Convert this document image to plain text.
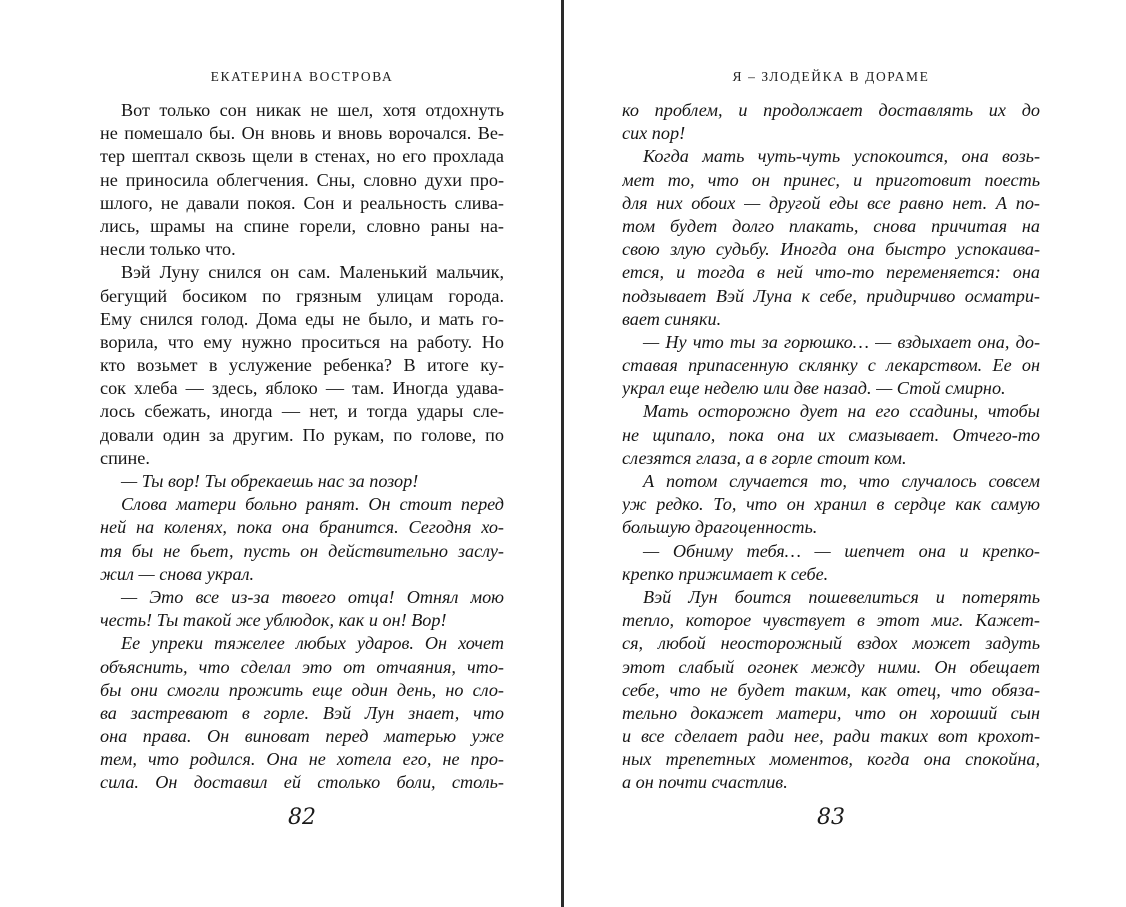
ЕКАТЕРИНА ВОСТРОВА
Вот только сон никак не шел, хотя отдохнуть
не помешало бы. Он вновь и вновь ворочался. Ве-
тер шептал сквозь щели в стенах, но его прохлада
не приносила облегчения. Сны, словно духи про-
шлого, не давали покоя. Сон и реальность слива-
лись, шрамы на спине горели, словно раны на-
несли только что.
Вэй Луну снился он сам. Маленький мальчик,
бегущий босиком по грязным улицам города.
Ему снился голод. Дома еды не было, и мать го-
ворила, что ему нужно проситься на работу. Но
кто возьмет в услужение ребенка? В итоге ку-
сок хлеба — здесь, яблоко — там. Иногда удава-
лось сбежать, иногда — нет, и тогда удары сле-
довали один за другим. По рукам, по голове, по
спине.
— Ты вор! Ты обрекаешь нас за позор!
Слова матери больно ранят. Он стоит перед
ней на коленях, пока она бранится. Сегодня хо-
тя бы не бьет, пусть он действительно заслу-
жил — снова украл.
— Это все из-за твоего отца! Отнял мою
честь! Ты такой же ублюдок, как и он! Вор!
Ее упреки тяжелее любых ударов. Он хочет
объяснить, что сделал это от отчаяния, что-
бы они смогли прожить еще один день, но сло-
ва застревают в горле. Вэй Лун знает, что
она права. Он виноват перед матерью уже
тем, что родился. Она не хотела его, не про-
сила. Он доставил ей столько боли, столь-
82
Я – ЗЛОДЕЙКА В ДОРАМЕ
ко проблем, и продолжает доставлять их до
сих пор!
Когда мать чуть-чуть успокоится, она возь-
мет то, что он принес, и приготовит поесть
для них обоих — другой еды все равно нет. А по-
том будет долго плакать, снова причитая на
свою злую судьбу. Иногда она быстро успокаива-
ется, и тогда в ней что-то переменяется: она
подзывает Вэй Луна к себе, придирчиво осматри-
вает синяки.
— Ну что ты за горюшко… — вздыхает она, до-
ставая припасенную склянку с лекарством. Ее он
украл еще неделю или две назад. — Стой смирно.
Мать осторожно дует на его ссадины, чтобы
не щипало, пока она их смазывает. Отчего-то
слезятся глаза, а в горле стоит ком.
А потом случается то, что случалось совсем
уж редко. То, что он хранил в сердце как самую
большую драгоценность.
— Обниму тебя… — шепчет она и крепко-
крепко прижимает к себе.
Вэй Лун боится пошевелиться и потерять
тепло, которое чувствует в этот миг. Кажет-
ся, любой неосторожный вздох может задуть
этот слабый огонек между ними. Он обещает
себе, что не будет таким, как отец, что обяза-
тельно докажет матери, что он хороший сын
и все сделает ради нее, ради таких вот крохот-
ных трепетных моментов, когда она спокойна,
а он почти счастлив.
83
